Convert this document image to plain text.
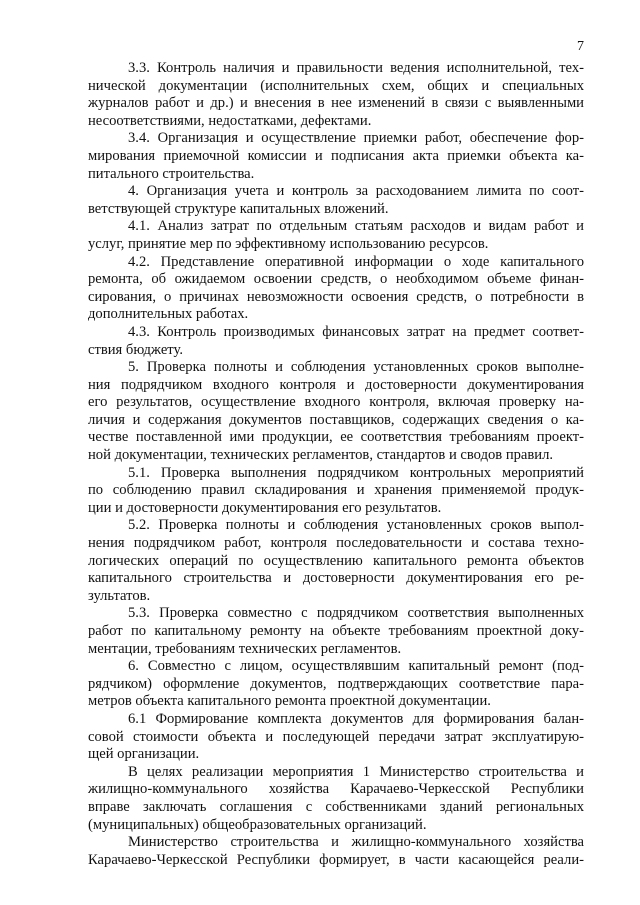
7
3.3. Контроль наличия и правильности ведения исполнительной, тех-
нической документации (исполнительных схем, общих и специальных
журналов работ и др.) и внесения в нее изменений в связи с выявленными
несоответствиями, недостатками, дефектами.
3.4. Организация и осуществление приемки работ, обеспечение фор-
мирования приемочной комиссии и подписания акта приемки объекта ка-
питального строительства.
4. Организация учета и контроль за расходованием лимита по соот-
ветствующей структуре капитальных вложений.
4.1. Анализ затрат по отдельным статьям расходов и видам работ и
услуг, принятие мер по эффективному использованию ресурсов.
4.2. Представление оперативной информации о ходе капитального
ремонта, об ожидаемом освоении средств, о необходимом объеме финан-
сирования, о причинах невозможности освоения средств, о потребности в
дополнительных работах.
4.3. Контроль производимых финансовых затрат на предмет соответ-
ствия бюджету.
5. Проверка полноты и соблюдения установленных сроков выполне-
ния подрядчиком входного контроля и достоверности документирования
его результатов, осуществление входного контроля, включая проверку на-
личия и содержания документов поставщиков, содержащих сведения о ка-
честве поставленной ими продукции, ее соответствия требованиям проект-
ной документации, технических регламентов, стандартов и сводов правил.
5.1. Проверка выполнения подрядчиком контрольных мероприятий
по соблюдению правил складирования и хранения применяемой продук-
ции и достоверности документирования его результатов.
5.2. Проверка полноты и соблюдения установленных сроков выпол-
нения подрядчиком работ, контроля последовательности и состава техно-
логических операций по осуществлению капитального ремонта объектов
капитального строительства и достоверности документирования его ре-
зультатов.
5.3. Проверка совместно с подрядчиком соответствия выполненных
работ по капитальному ремонту на объекте требованиям проектной доку-
ментации, требованиям технических регламентов.
6. Совместно с лицом, осуществлявшим капитальный ремонт (под-
рядчиком) оформление документов, подтверждающих соответствие пара-
метров объекта капитального ремонта проектной документации.
6.1 Формирование комплекта документов для формирования балан-
совой стоимости объекта и последующей передачи затрат эксплуатирую-
щей организации.
В целях реализации мероприятия 1 Министерство строительства и
жилищно-коммунального хозяйства Карачаево-Черкесской Республики
вправе заключать соглашения с собственниками зданий региональных
(муниципальных) общеобразовательных организаций.
Министерство строительства и жилищно-коммунального хозяйства
Карачаево-Черкесской Республики формирует, в части касающейся реали-
